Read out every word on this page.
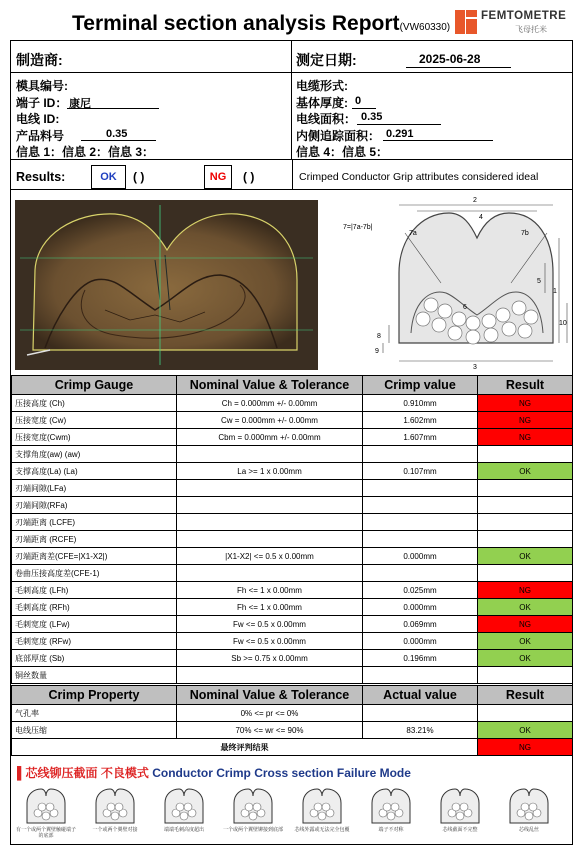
Terminal section analysis Report(VW60330)
FEMTOMETRE
飞母托米
制造商:	测定日期:	2025-06-28
模具编号:	电缆形式:
端子 ID： 康尼	基体厚度: 0
电线 ID:	电线面积： 0.35
产品料号	0.35	内侧追踪面积： 0.291
信息 1：信息 2：信息 3：	信息 4：信息 5：
Results:	OK	( )	NG	( )	Crimped Conductor Grip attributes considered ideal
7=|7a-7b|
2
4
7a	7b
5
1
6
8
9
10
3
Crimp Gauge	Nominal Value & Tolerance	Crimp value	Result
压接高度 (Ch)	Ch = 0.000mm +/- 0.00mm	0.910mm	NG
压接宽度 (Cw)	Cw = 0.000mm +/- 0.00mm	1.602mm	NG
压接宽度(Cwm)	Cbm = 0.000mm +/- 0.00mm	1.607mm	NG
支撑角度(aw) (aw)			
支撑高度(La) (La)	La >= 1 x 0.00mm	0.107mm	OK
刃端间隙(LFa)			
刃端间隙(RFa)			
刃端距离 (LCFE)			
刃端距离 (RCFE)			
刃端距离差(CFE=|X1-X2|)	|X1-X2| <= 0.5 x 0.00mm	0.000mm	OK
卷曲压接高度差(CFE-1)			
毛刺高度 (LFh)	Fh <= 1 x 0.00mm	0.025mm	NG
毛刺高度 (RFh)	Fh <= 1 x 0.00mm	0.000mm	OK
毛刺宽度 (LFw)	Fw <= 0.5 x 0.00mm	0.069mm	NG
毛刺宽度 (RFw)	Fw <= 0.5 x 0.00mm	0.000mm	OK
底部厚度 (Sb)	Sb >= 0.75 x 0.00mm	0.196mm	OK
铜丝数量			
Crimp Property	Nominal Value & Tolerance	Actual value	Result
气孔率	0% <= pr <= 0%		
电线压缩	70% <= wr <= 90%	83.21%	OK
最终评判结果			NG
▌芯线铆压截面 不良模式 Conductor Crimp Cross section Failure Mode
有一个或两个翼壁触碰端子的底部
一个或两个翼壁对接	端端毛刺高度超出	一个或两个翼壁铆接到底部	芯线外露或无法完全包覆	端子不对称	芯线截面不完整	芯线乱丝
